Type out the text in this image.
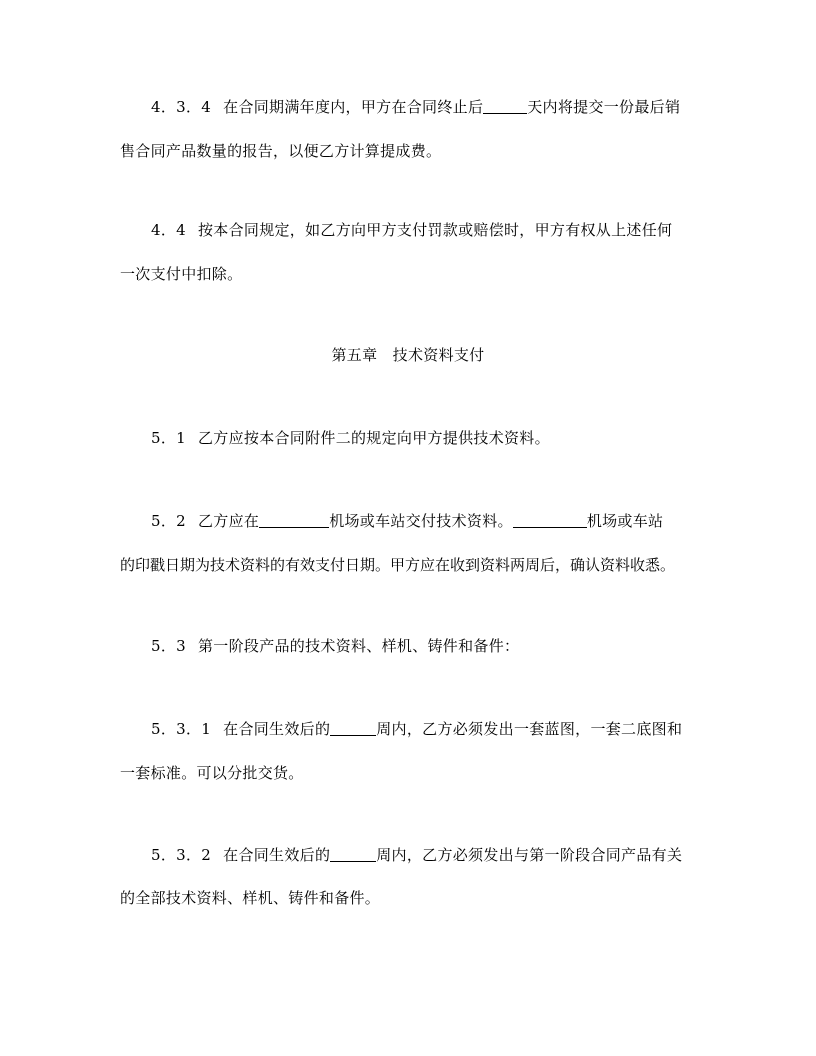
4．3．4 在合同期满年度内，甲方在合同终止后	天内将提交一份最后销
售合同产品数量的报告，以便乙方计算提成费。
4．4 按本合同规定，如乙方向甲方支付罚款或赔偿时，甲方有权从上述任何
一次支付中扣除。
第五章　技术资料支付
5．1 乙方应按本合同附件二的规定向甲方提供技术资料。
5．2 乙方应在	机场或车站交付技术资料。	机场或车站
的印戳日期为技术资料的有效支付日期。甲方应在收到资料两周后，确认资料收悉。
5．3 第一阶段产品的技术资料、样机、铸件和备件：
5．3．1 在合同生效后的	周内，乙方必须发出一套蓝图，一套二底图和
一套标准。可以分批交货。
5．3．2 在合同生效后的	周内，乙方必须发出与第一阶段合同产品有关
的全部技术资料、样机、铸件和备件。
